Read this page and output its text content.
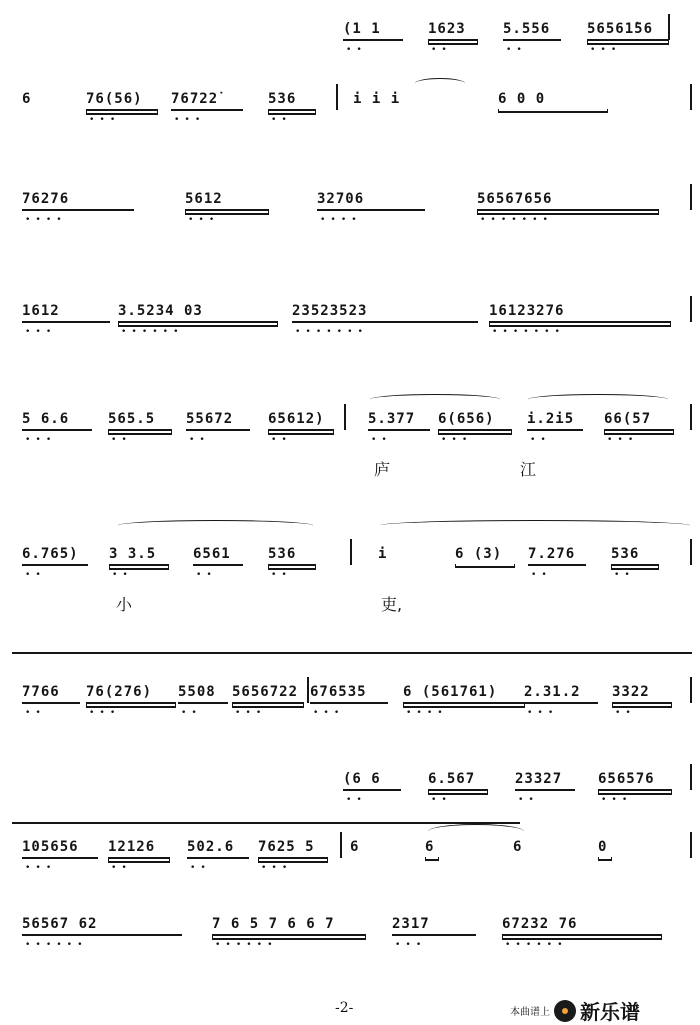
(1 1
••
1623
••
5.556
••
56561̇56
•••
6	76(56)
•••
76722̇
•••
536
••
i i i	6 0 0
76276
••••
5612
•••
32706
••••
56567656
•••••••
1612
•••
3.5234 03
••••••
23523523
•••••••
16123276
•••••••
5 6.6
•••
565.5
••
55672
••
65612)
••
5.377
••
6(656)
•••
i.2i5
••
66(57
•••
6.765)
••
3 3.5
••
6561
••
536
••
i	6 (3)	7.276
••
536
••
7766
••
76(276)
•••
5508
••
5656722
•••
676535
•••
6 (561761)
••••
2.31.2
•••
3322
••
(6 6
••
6.567
••
23327
••
656576
•••
105656
•••
12126
••
502.6
••
7625 5
•••
6	6	6	0
56567 62
••••••
7 6 5 7 6 6 7
••••••
2317
•••
67232 76
••••••
庐	江
小	吏,
-2-	本曲谱上 新乐谱
